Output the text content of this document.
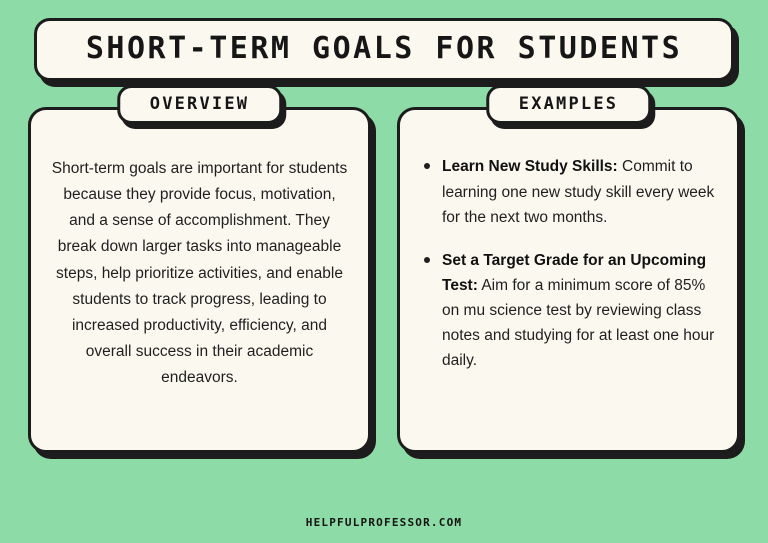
SHORT-TERM GOALS FOR STUDENTS
OVERVIEW

Short-term goals are important for students because they provide focus, motivation, and a sense of accomplishment. They break down larger tasks into manageable steps, help prioritize activities, and enable students to track progress, leading to increased productivity, efficiency, and overall success in their academic endeavors.

EXAMPLES
Learn New Study Skills: Commit to learning one new study skill every week for the next two months.
Set a Target Grade for an Upcoming Test: Aim for a minimum score of 85% on mu science test by reviewing class notes and studying for at least one hour daily.
HELPFULPROFESSOR.COM
